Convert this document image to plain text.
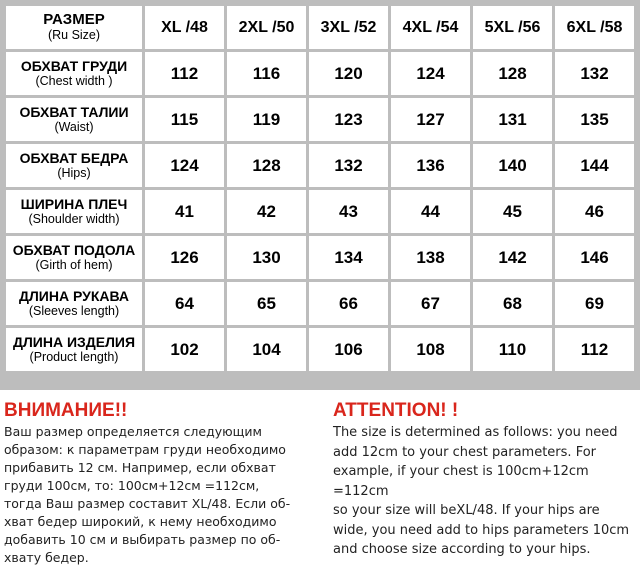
РАЗМЕР
(Ru Size)	XL /48	2XL /50	3XL /52	4XL /54	5XL /56	6XL /58

ОБХВАТ ГРУДИ
(Chest width )	112	116	120	124	128	132

ОБХВАТ ТАЛИИ
(Waist)	115	119	123	127	131	135

ОБХВАТ БЕДРА
(Hips)	124	128	132	136	140	144

ШИРИНА ПЛЕЧ
(Shoulder width)	41	42	43	44	45	46

ОБХВАТ ПОДОЛА
(Girth of hem)	126	130	134	138	142	146

ДЛИНА РУКАВА
(Sleeves length)	64	65	66	67	68	69

ДЛИНА ИЗДЕЛИЯ
(Product length)	102	104	106	108	110	112
ВНИМАНИЕ!!
Ваш размер определяется следующим
образом: к параметрам груди необходимо
прибавить 12 см. Например, если обхват
груди 100см, то: 100см+12см =112см,
тогда Ваш размер составит XL/48. Если об-
хват бедер широкий, к нему необходимо
добавить 10 см и выбирать размер по об-
хвату бедер.
ATTENTION! !
The size is determined as follows: you need
add 12cm to your chest parameters. For
example, if your chest is 100cm+12cm =112cm
so your size will beXL/48. If your hips are
wide, you need add to hips parameters 10cm
and choose size according to your hips.
